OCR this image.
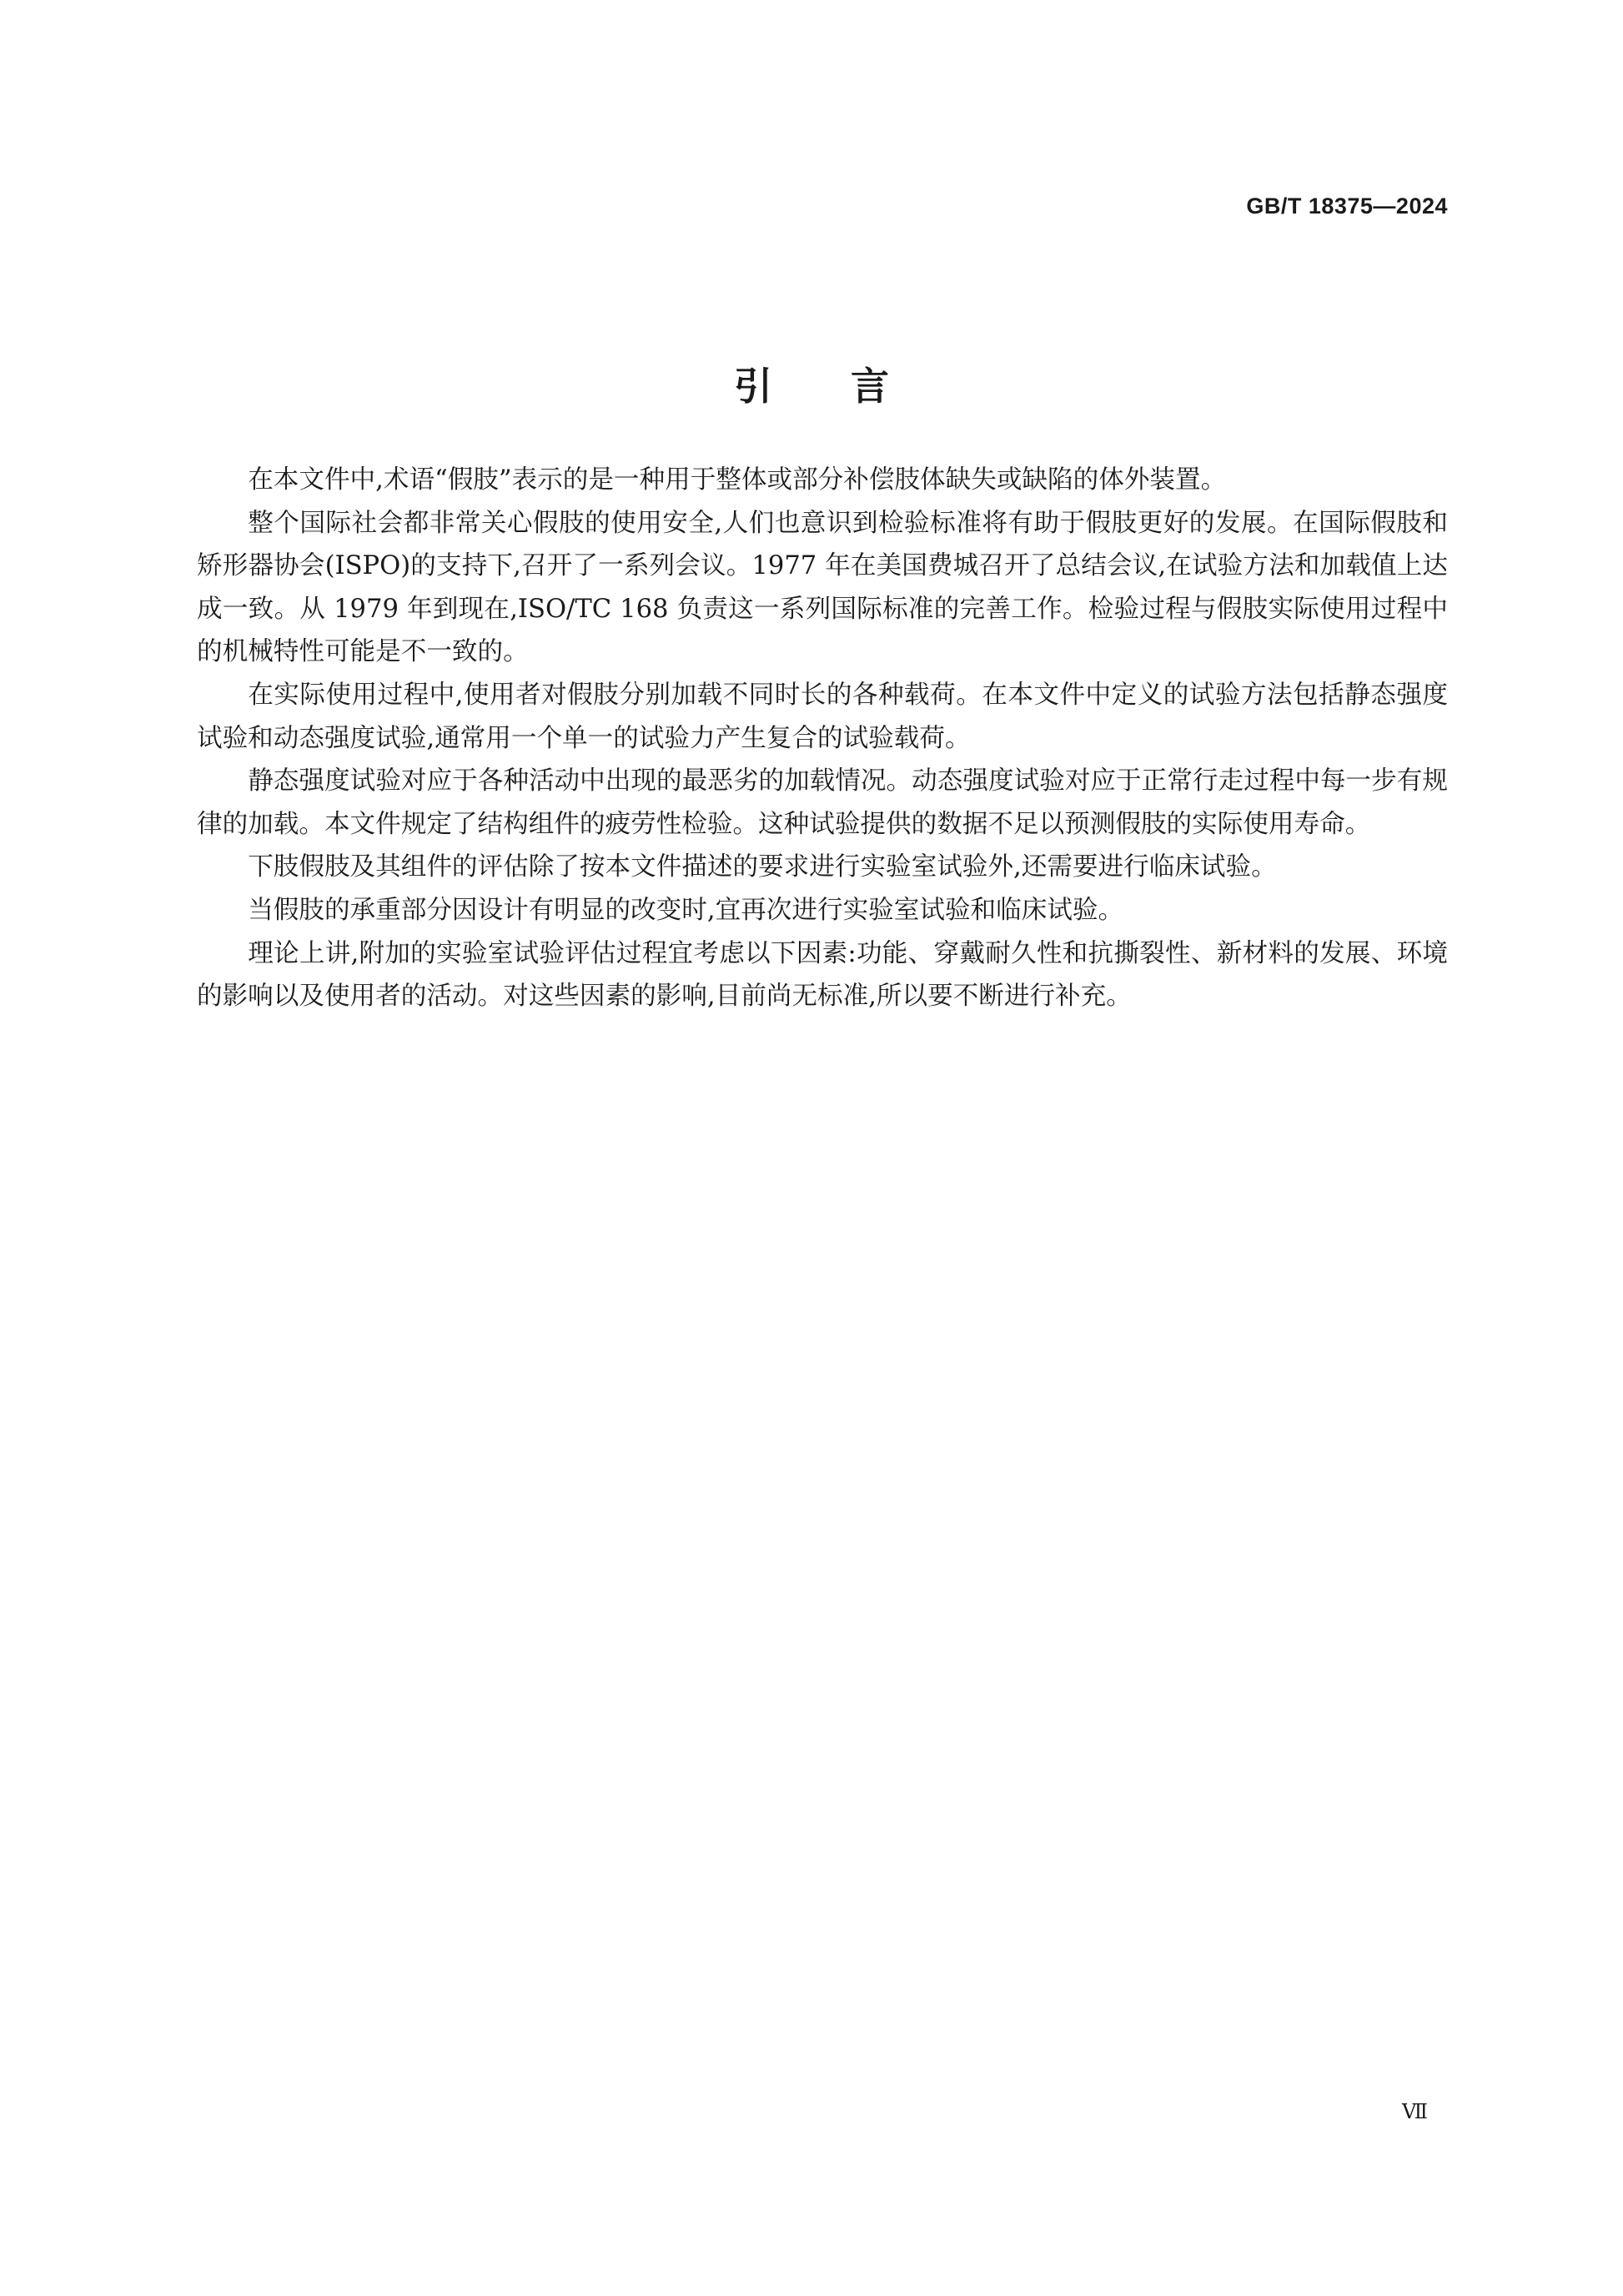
GB/T 18375—2024
引言

在本文件中,术语“假肢”表示的是一种用于整体或部分补偿肢体缺失或缺陷的体外装置。

整个国际社会都非常关心假肢的使用安全,人们也意识到检验标准将有助于假肢更好的发展。在国际假肢和矫形器协会(ISPO)的支持下,召开了一系列会议。1977 年在美国费城召开了总结会议,在试验方法和加载值上达成一致。从 1979 年到现在,ISO/TC 168 负责这一系列国际标准的完善工作。检验过程与假肢实际使用过程中的机械特性可能是不一致的。

在实际使用过程中,使用者对假肢分别加载不同时长的各种载荷。在本文件中定义的试验方法包括静态强度试验和动态强度试验,通常用一个单一的试验力产生复合的试验载荷。

静态强度试验对应于各种活动中出现的最恶劣的加载情况。动态强度试验对应于正常行走过程中每一步有规律的加载。本文件规定了结构组件的疲劳性检验。这种试验提供的数据不足以预测假肢的实际使用寿命。

下肢假肢及其组件的评估除了按本文件描述的要求进行实验室试验外,还需要进行临床试验。

当假肢的承重部分因设计有明显的改变时,宜再次进行实验室试验和临床试验。

理论上讲,附加的实验室试验评估过程宜考虑以下因素:功能、穿戴耐久性和抗撕裂性、新材料的发展、环境的影响以及使用者的活动。对这些因素的影响,目前尚无标准,所以要不断进行补充。

Ⅶ
